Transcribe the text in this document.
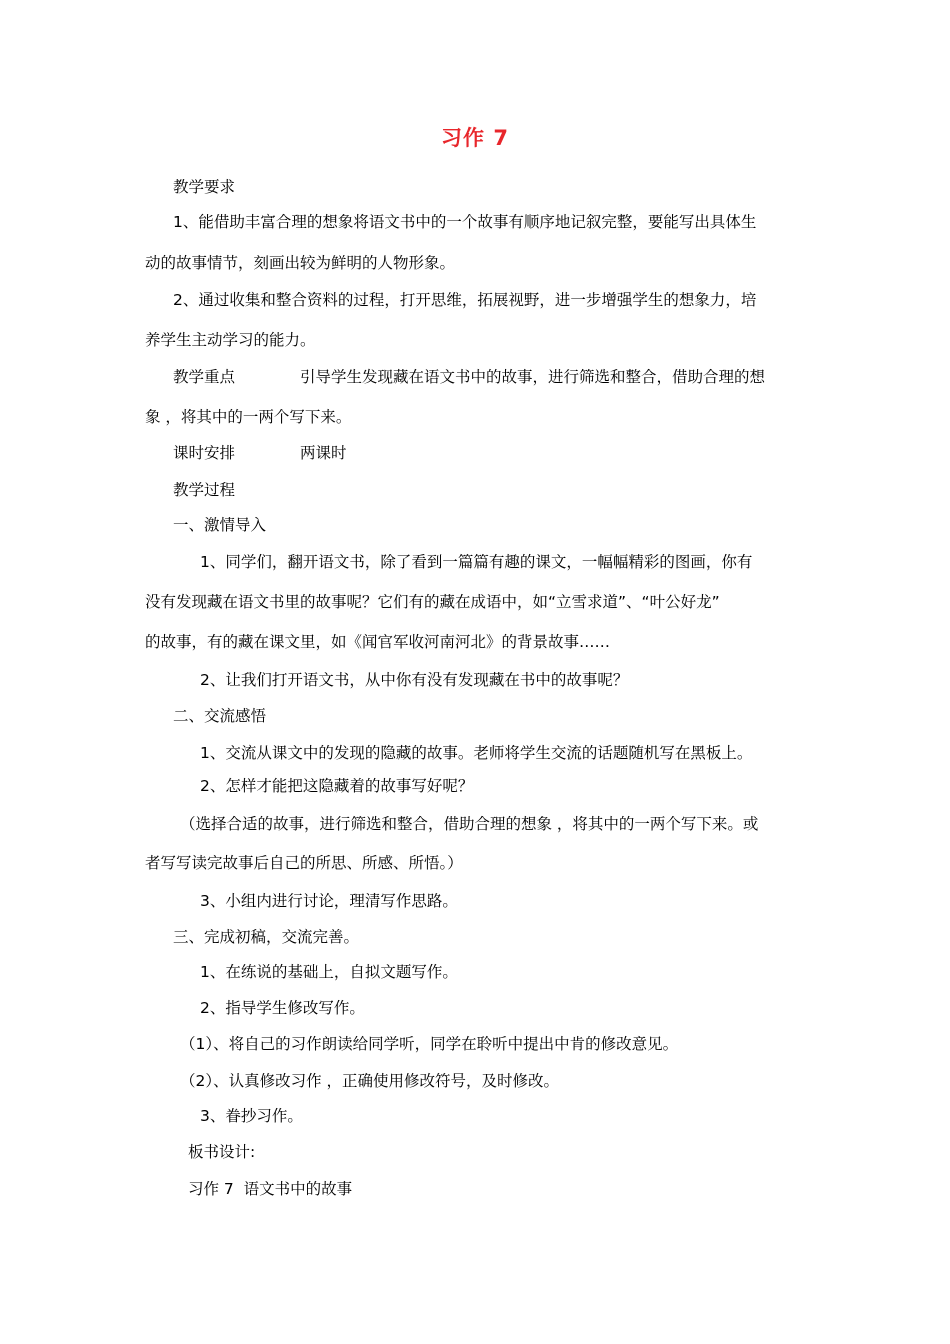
习作 7
教学要求
1、能借助丰富合理的想象将语文书中的一个故事有顺序地记叙完整，要能写出具体生
动的故事情节，刻画出较为鲜明的人物形象。
2、通过收集和整合资料的过程，打开思维，拓展视野，进一步增强学生的想象力，培
养学生主动学习的能力。
教学重点	引导学生发现藏在语文书中的故事，进行筛选和整合，借助合理的想
象 ，将其中的一两个写下来。
课时安排	两课时
教学过程
一、激情导入
1、同学们，翻开语文书，除了看到一篇篇有趣的课文，一幅幅精彩的图画，你有
没有发现藏在语文书里的故事呢？它们有的藏在成语中，如“立雪求道”、“叶公好龙”
的故事，有的藏在课文里，如《闻官军收河南河北》的背景故事……
2、让我们打开语文书，从中你有没有发现藏在书中的故事呢？
二、交流感悟
1、交流从课文中的发现的隐藏的故事。老师将学生交流的话题随机写在黑板上。
2、怎样才能把这隐藏着的故事写好呢？
（选择合适的故事，进行筛选和整合，借助合理的想象 ，将其中的一两个写下来。或
者写写读完故事后自己的所思、所感、所悟。）
3、小组内进行讨论，理清写作思路。
三、完成初稿，交流完善。
1、在练说的基础上，自拟文题写作。
2、指导学生修改写作。
（1）、将自己的习作朗读给同学听，同学在聆听中提出中肯的修改意见。
（2）、认真修改习作 ，正确使用修改符号，及时修改。
3、眷抄习作。
板书设计:
习作 7  语文书中的故事
